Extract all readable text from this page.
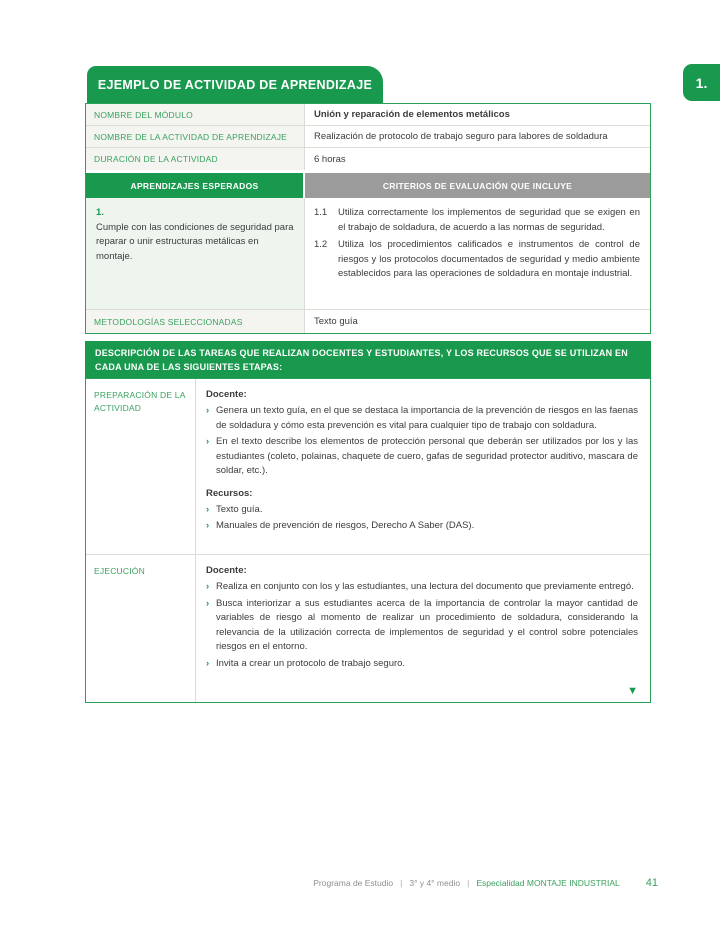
EJEMPLO DE ACTIVIDAD DE APRENDIZAJE	1.
NOMBRE DEL MÓDULO	Unión y reparación de elementos metálicos
NOMBRE DE LA ACTIVIDAD DE APRENDIZAJE	Realización de protocolo de trabajo seguro para labores de soldadura
DURACIÓN DE LA ACTIVIDAD	6 horas
APRENDIZAJES ESPERADOS	CRITERIOS DE EVALUACIÓN QUE INCLUYE
1.
Cumple con las condiciones de seguridad para reparar o unir estructuras metálicas en montaje.
1.1	Utiliza correctamente los implementos de seguridad que se exigen en el trabajo de soldadura, de acuerdo a las normas de seguridad.
1.2	Utiliza los procedimientos calificados e instrumentos de control de riesgos y los protocolos documentados de seguridad y medio ambiente establecidos para las operaciones de soldadura en montaje industrial.
METODOLOGÍAS SELECCIONADAS	Texto guía
DESCRIPCIÓN DE LAS TAREAS QUE REALIZAN DOCENTES Y ESTUDIANTES, Y LOS RECURSOS QUE SE UTILIZAN EN CADA UNA DE LAS SIGUIENTES ETAPAS:
PREPARACIÓN DE LA ACTIVIDAD
Docente:
› Genera un texto guía, en el que se destaca la importancia de la prevención de riesgos en las faenas de soldadura y cómo esta prevención es vital para cualquier tipo de trabajo con soldadura.
› En el texto describe los elementos de protección personal que deberán ser utilizados por los y las estudiantes (coleto, polainas, chaquete de cuero, gafas de seguridad protector auditivo, mascara de soldar, etc.).
Recursos:
› Texto guía.
› Manuales de prevención de riesgos, Derecho A Saber (DAS).
EJECUCIÓN	Docente:
› Realiza en conjunto con los y las estudiantes, una lectura del documento que previamente entregó.
› Busca interiorizar a sus estudiantes acerca de la importancia de controlar la mayor cantidad de variables de riesgo al momento de realizar un procedimiento de soldadura, considerando la relevancia de la utilización correcta de implementos de seguridad y el control sobre potenciales riesgos en el entorno.
› Invita a crear un protocolo de trabajo seguro.
▼
Programa de Estudio | 3° y 4° medio | Especialidad MONTAJE INDUSTRIAL 41
